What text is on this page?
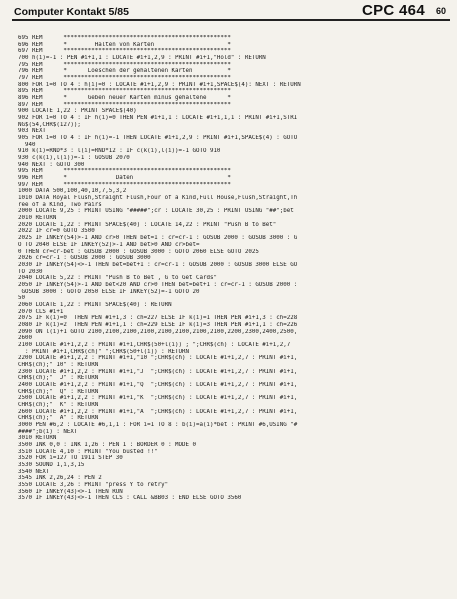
Computer Kontakt 5/85	CPC 464 60
695 REM      ************************************************
696 REM      *        Halten von Karten                     *
697 REM      ************************************************
700 h(i)=-1 : PEN #i+1,1 : LOCATE #i+1,2,9 : PRINT #i+1,"Hold" : RETURN
795 REM      ************************************************
796 REM      *      Loeschen der gehaltenen Karten          *
797 REM      ************************************************
800 FOR i=0 TO 4 : h(i)=0 : LOCATE #i+1,2,9 : PRINT #i+1,SPACE$(4): NEXT : RETURN
895 REM      ************************************************
896 REM      *      Geben neuer Karten minus gehaltene      *
897 REM      ************************************************
900 LOCATE 1,22 : PRINT SPACE$(40)
902 FOR i=0 TO 4 : IF h(i)=0 THEN PEN #i+1,1 : LOCATE #i+1,1,1 : PRINT #i+1,STRI
NG$(54,CHR$(127));
903 NEXT
905 FOR i=0 TO 4 : IF h(i)=-1 THEN LOCATE #i+1,2,9 : PRINT #i+1,SPACE$(4) : GOTO
940
910 k(i)=RND*3 : l(i)=RND*12 : IF c(k(i),l(i))=-1 GOTO 910
930 c(k(i),l(i))=-1 : GOSUB 2070
940 NEXT : GOTO 300
995 REM      ************************************************
996 REM      *              Daten                           *
997 REM      ************************************************
1000 DATA 500,100,40,10,7,5,3,2
1010 DATA Royal Flush,Straight Flush,Four of a Kind,Full House,Flush,Straight,Th
ree of a Kind, Two Pairs
2000 LOCATE 9,25 : PRINT USING "#####";cr : LOCATE 30,25 : PRINT USING "##";bet
2010 RETURN
2020 LOCATE 1,22 : PRINT SPACE$(40) : LOCATE 14,22 : PRINT "Push B to Bet"
2022 IF cr=0 GOTO 3500
2025 IF INKEY(54)>-1 AND cr>0 THEN bet=1 : cr=cr-1 : GOSUB 2000 : GOSUB 3000 : G
O TO 2040 ELSE IF INKEY(52)>-1 AND bet>0 AND cr>bet=
0 THEN cr=cr-bet : GOSUB 2000 : GOSUB 3000 : GOTO 2060 ELSE GOTO 2025
2026 cr=cr-1 : GOSUB 2000 : GOSUB 3000
2030 IF INKEY(54)<>-1 THEN bet=bet+1 : cr=cr-1 : GOSUB 2000 : GOSUB 3000 ELSE GO
TO 2030
2040 LOCATE 5,22 : PRINT "Push B to Bet , G to Get Cards"
2050 IF INKEY(54)>-1 AND bet<20 AND cr>0 THEN bet=bet+1 : cr=cr-1 : GOSUB 2000 :
GOSUB 3000 : GOTO 2050 ELSE IF INKEY(52)=-1 GOTO 20
50
2060 LOCATE 1,22 : PRINT SPACE$(40) : RETURN
2070 CLS #i+1
2075 IF k(i)=0  THEN PEN #i+1,3 : ch=227 ELSE IF k(i)=1 THEN PEN #i+1,3 : ch=228
2080 IF k(i)=2  THEN PEN #i+1,1 : ch=229 ELSE IF k(i)=3 THEN PEN #i+1,1 : ch=226
2090 ON l(i)+1 GOTO 2100,2100,2100,2100,2100,2100,2100,2100,2200,2300,2400,2500,
2600
2100 LOCATE #i+1,2,2 : PRINT #i+1,CHR$(50+l(i)) ; ";CHR$(ch) : LOCATE #i+1,2,7
: PRINT #i+1,CHR$(ch)" ";CHR$(50+l(i)) : RETURN
2200 LOCATE #i+1,2,2 : PRINT #i+1,"10 ";CHR$(ch) : LOCATE #i+1,2,7 : PRINT #i+1,
CHR$(ch);" 10" : RETURN
2300 LOCATE #i+1,2,2 : PRINT #i+1,"J  ";CHR$(ch) : LOCATE #i+1,2,7 : PRINT #i+1,
CHR$(ch);"  J" : RETURN
2400 LOCATE #i+1,2,2 : PRINT #i+1,"Q  ";CHR$(ch) : LOCATE #i+1,2,7 : PRINT #i+1,
CHR$(ch);"  Q" : RETURN
2500 LOCATE #i+1,2,2 : PRINT #i+1,"K  ";CHR$(ch) : LOCATE #i+1,2,7 : PRINT #i+1,
CHR$(ch);"  K" : RETURN
2600 LOCATE #i+1,2,2 : PRINT #i+1,"A  ";CHR$(ch) : LOCATE #i+1,2,7 : PRINT #i+1,
CHR$(ch);"  A" : RETURN
3000 PEN #6,2 : LOCATE #6,1,1 : FOR i=1 TO 8 : b(i)=a(i)*bet : PRINT #6,USING "#
####";b(i) : NEXT
3010 RETURN
3500 INK 0,0 : INK 1,26 : PEN 1 : BORDER 0 : MODE 0
3510 LOCATE 4,10 : PRINT "You busted !!"
3520 FOR i=127 TO 1911 STEP 30
3530 SOUND 1,i,3,15
3540 NEXT
3545 INK 2,26,24 : PEN 2
3550 LOCATE 3,26 : PRINT "press Y to retry"
3560 IF INKEY(43)<>-1 THEN RUN
3570 IF INKEY(43)<>-1 THEN CLS : CALL &BB03 : END ELSE GOTO 3560
